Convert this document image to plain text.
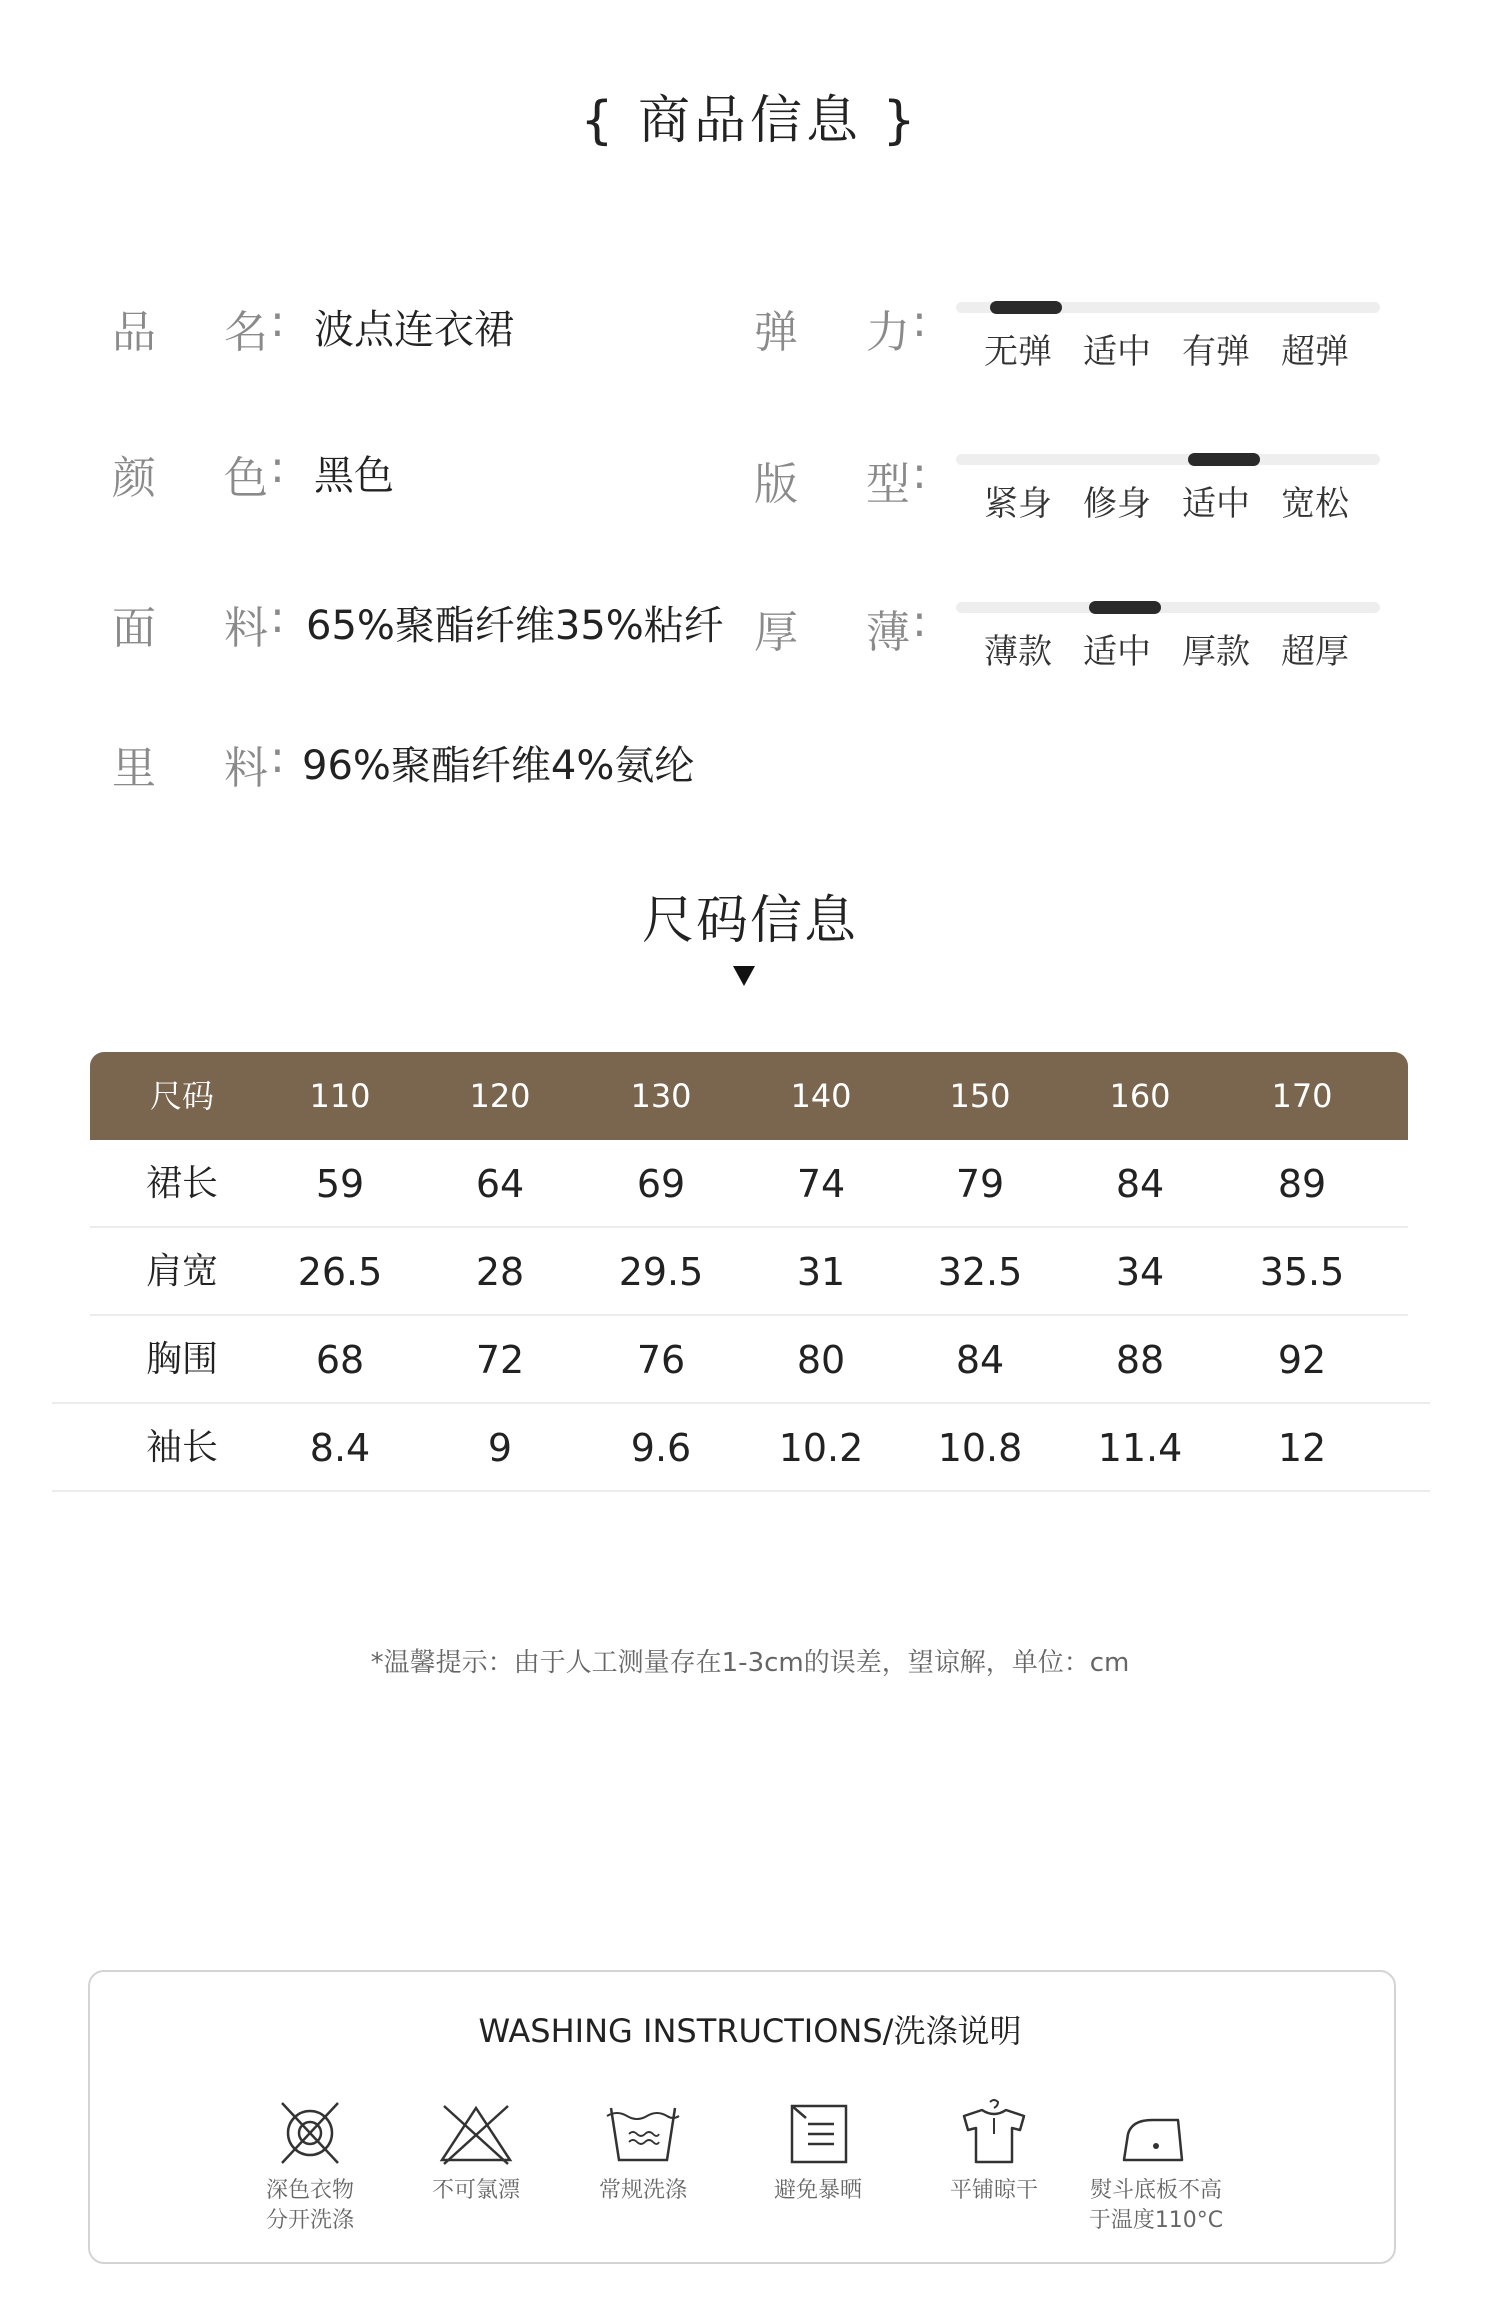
{ 商品信息 }
品 名 : 波点连衣裙
颜 色 : 黑色
面 料 : 65%聚酯纤维35%粘纤
里 料 : 96%聚酯纤维4%氨纶
弹 力 :
版 型 :
厚 薄 :
无弹 适中 有弹 超弹
紧身 修身 适中 宽松
薄款 适中 厚款 超厚
尺码信息
尺码	110	120	130	140	150	160	170
裙长	59	64	69	74	79	84	89
肩宽	26.5	28	29.5	31	32.5	34	35.5
胸围	68	72	76	80	84	88	92
袖长	8.4	9	9.6	10.2	10.8	11.4	12
*温馨提示：由于人工测量存在1-3cm的误差，望谅解，单位：cm
WASHING INSTRUCTIONS/洗涤说明
深色衣物
分开洗涤
不可氯漂	常规洗涤	避免暴晒	平铺晾干	熨斗底板不高
于温度110°C
